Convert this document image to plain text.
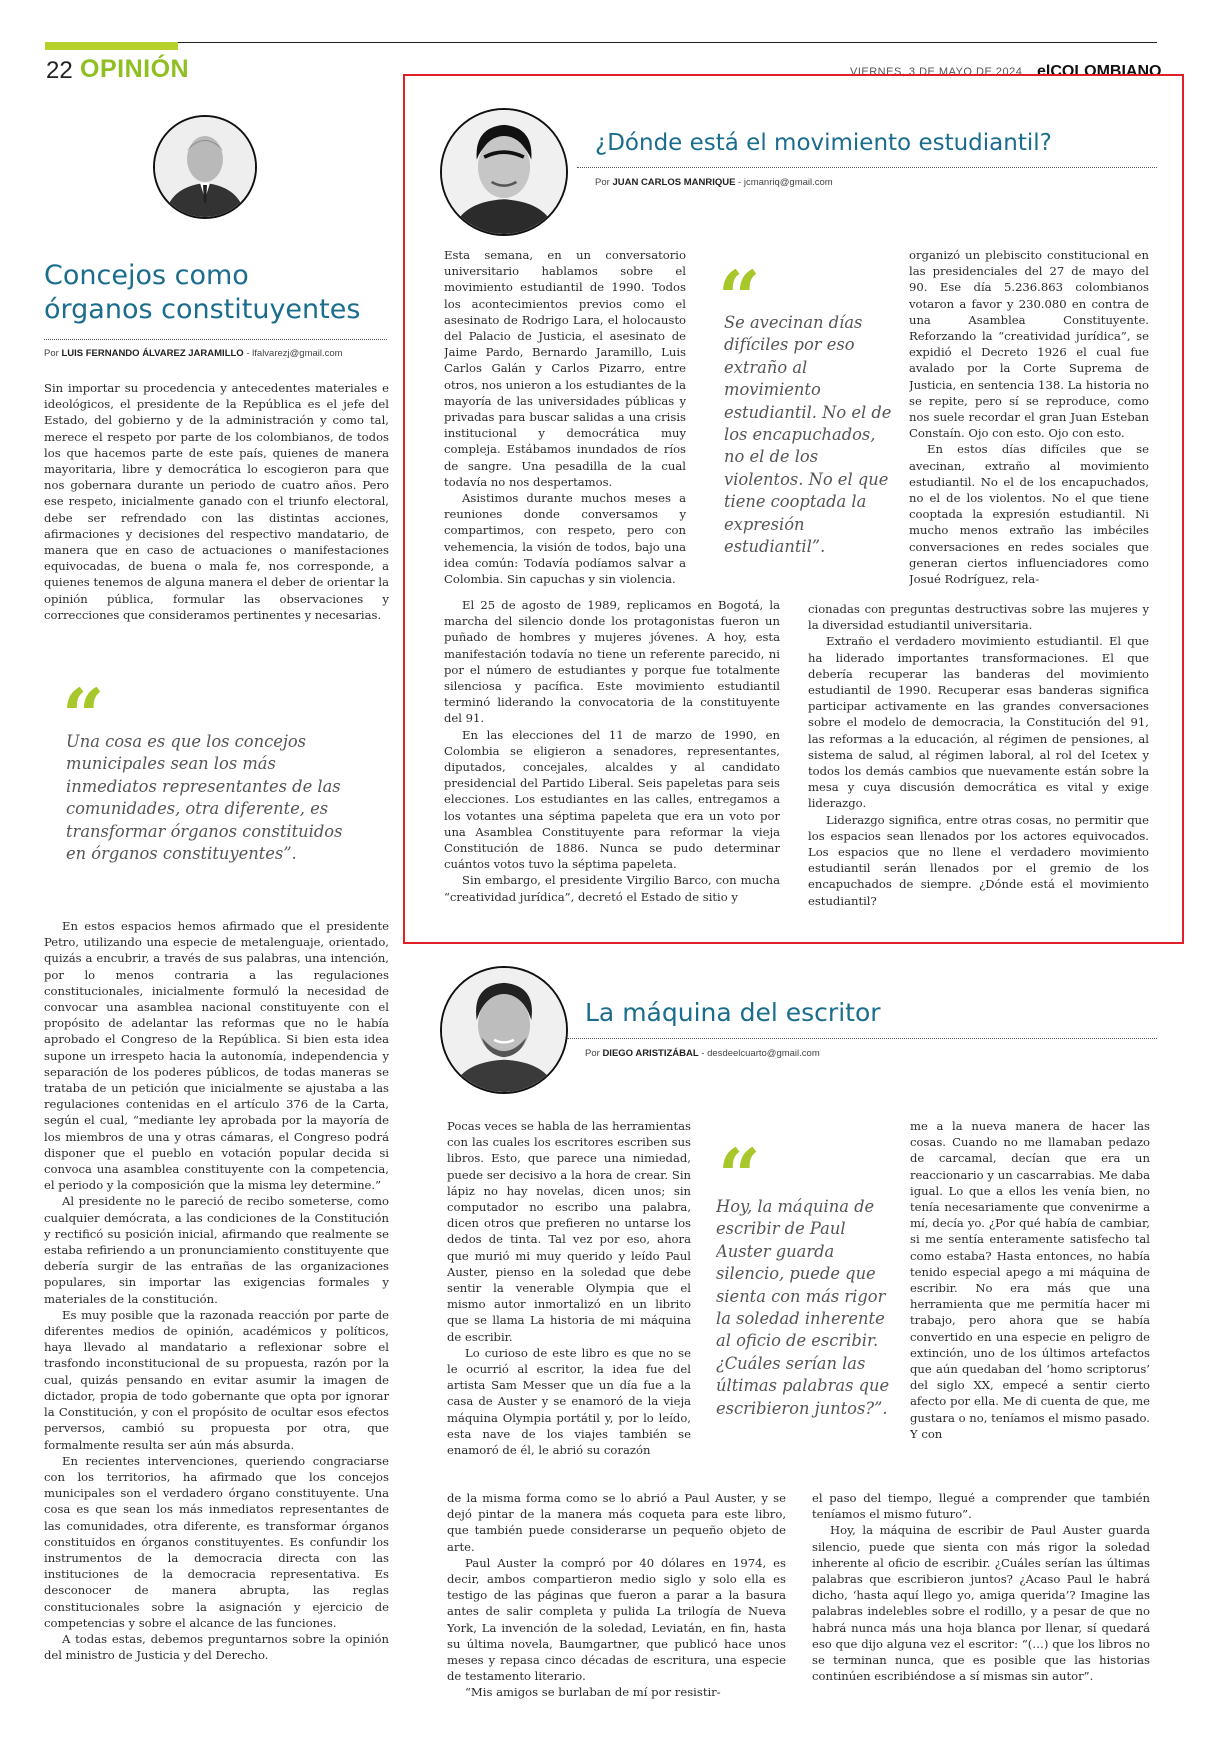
22 OPINIÓN	VIERNES, 3 DE MAYO DE 2024 elCOLOMBIANO
Concejos como órganos constituyentes
Por LUIS FERNANDO ÁLVAREZ JARAMILLO - lfalvarezj@gmail.com

Sin importar su procedencia y antecedentes materiales e ideológicos, el presidente de la República es el jefe del Estado, del gobierno y de la administración y como tal, merece el respeto por parte de los colombianos, de todos los que hacemos parte de este país, quienes de manera mayoritaria, libre y democrática lo escogieron para que nos gobernara durante un periodo de cuatro años. Pero ese respeto, inicialmente ganado con el triunfo electoral, debe ser refrendado con las distintas acciones, afirmaciones y decisiones del respectivo mandatario, de manera que en caso de actuaciones o manifestaciones equivocadas, de buena o mala fe, nos corresponde, a quienes tenemos de alguna manera el deber de orientar la opinión pública, formular las observaciones y correcciones que consideramos pertinentes y necesarias.

“
Una cosa es que los concejos municipales sean los más inmediatos representantes de las comunidades, otra diferente, es transformar órganos constituidos en órganos constituyentes”.

En estos espacios hemos afirmado que el presidente Petro, utilizando una especie de metalenguaje, orientado, quizás a encubrir, a través de sus palabras, una intención, por lo menos contraria a las regulaciones constitucionales, inicialmente formuló la necesidad de convocar una asamblea nacional constituyente con el propósito de adelantar las reformas que no le había aprobado el Congreso de la República. Si bien esta idea supone un irrespeto hacia la autonomía, independencia y separación de los poderes públicos, de todas maneras se trataba de un petición que inicialmente se ajustaba a las regulaciones contenidas en el artículo 376 de la Carta, según el cual, “mediante ley aprobada por la mayoría de los miembros de una y otras cámaras, el Congreso podrá disponer que el pueblo en votación popular decida si convoca una asamblea constituyente con la competencia, el periodo y la composición que la misma ley determine.”

Al presidente no le pareció de recibo someterse, como cualquier demócrata, a las condiciones de la Constitución y rectificó su posición inicial, afirmando que realmente se estaba refiriendo a un pronunciamiento constituyente que debería surgir de las entrañas de las organizaciones populares, sin importar las exigencias formales y materiales de la constitución.

Es muy posible que la razonada reacción por parte de diferentes medios de opinión, académicos y políticos, haya llevado al mandatario a reflexionar sobre el trasfondo inconstitucional de su propuesta, razón por la cual, quizás pensando en evitar asumir la imagen de dictador, propia de todo gobernante que opta por ignorar la Constitución, y con el propósito de ocultar esos efectos perversos, cambió su propuesta por otra, que formalmente resulta ser aún más absurda.

En recientes intervenciones, queriendo congraciarse con los territorios, ha afirmado que los concejos municipales son el verdadero órgano constituyente. Una cosa es que sean los más inmediatos representantes de las comunidades, otra diferente, es transformar órganos constituidos en órganos constituyentes. Es confundir los instrumentos de la democracia directa con las instituciones de la democracia representativa. Es desconocer de manera abrupta, las reglas constitucionales sobre la asignación y ejercicio de competencias y sobre el alcance de las funciones.

A todas estas, debemos preguntarnos sobre la opinión del ministro de Justicia y del Derecho.

¿Dónde está el movimiento estudiantil?
Por JUAN CARLOS MANRIQUE - jcmanriq@gmail.com

Esta semana, en un conversatorio universitario hablamos sobre el movimiento estudiantil de 1990. Todos los acontecimientos previos como el asesinato de Rodrigo Lara, el holocausto del Palacio de Justicia, el asesinato de Jaime Pardo, Bernardo Jaramillo, Luis Carlos Galán y Carlos Pizarro, entre otros, nos unieron a los estudiantes de la mayoría de las universidades públicas y privadas para buscar salidas a una crisis institucional y democrática muy compleja. Estábamos inundados de ríos de sangre. Una pesadilla de la cual todavía no nos despertamos.

Asistimos durante muchos meses a reuniones donde conversamos y compartimos, con respeto, pero con vehemencia, la visión de todos, bajo una idea común: Todavía podíamos salvar a Colombia. Sin capuchas y sin violencia.

El 25 de agosto de 1989, replicamos en Bogotá, la marcha del silencio donde los protagonistas fueron un puñado de hombres y mujeres jóvenes. A hoy, esta manifestación todavía no tiene un referente parecido, ni por el número de estudiantes y porque fue totalmente silenciosa y pacífica. Este movimiento estudiantil terminó liderando la convocatoria de la constituyente del 91.

En las elecciones del 11 de marzo de 1990, en Colombia se eligieron a senadores, representantes, diputados, concejales, alcaldes y al candidato presidencial del Partido Liberal. Seis papeletas para seis elecciones. Los estudiantes en las calles, entregamos a los votantes una séptima papeleta que era un voto por una Asamblea Constituyente para reformar la vieja Constitución de 1886. Nunca se pudo determinar cuántos votos tuvo la séptima papeleta.

Sin embargo, el presidente Virgilio Barco, con mucha “creatividad jurídica”, decretó el Estado de sitio y

“
Se avecinan días difíciles por eso extraño al movimiento estudiantil. No el de los encapuchados, no el de los violentos. No el que tiene cooptada la expresión estudiantil”.

organizó un plebiscito constitucional en las presidenciales del 27 de mayo del 90. Ese día 5.236.863 colombianos votaron a favor y 230.080 en contra de una Asamblea Constituyente. Reforzando la “creatividad jurídica”, se expidió el Decreto 1926 el cual fue avalado por la Corte Suprema de Justicia, en sentencia 138. La historia no se repite, pero sí se reproduce, como nos suele recordar el gran Juan Esteban Constaín. Ojo con esto. Ojo con esto.

En estos días difíciles que se avecinan, extraño al movimiento estudiantil. No el de los encapuchados, no el de los violentos. No el que tiene cooptada la expresión estudiantil. Ni mucho menos extraño las imbéciles conversaciones en redes sociales que generan ciertos influenciadores como Josué Rodríguez, rela-

cionadas con preguntas destructivas sobre las mujeres y la diversidad estudiantil universitaria.

Extraño el verdadero movimiento estudiantil. El que ha liderado importantes transformaciones. El que debería recuperar las banderas del movimiento estudiantil de 1990. Recuperar esas banderas significa participar activamente en las grandes conversaciones sobre el modelo de democracia, la Constitución del 91, las reformas a la educación, al régimen de pensiones, al sistema de salud, al régimen laboral, al rol del Icetex y todos los demás cambios que nuevamente están sobre la mesa y cuya discusión democrática es vital y exige liderazgo.

Liderazgo significa, entre otras cosas, no permitir que los espacios sean llenados por los actores equivocados. Los espacios que no llene el verdadero movimiento estudiantil serán llenados por el gremio de los encapuchados de siempre. ¿Dónde está el movimiento estudiantil?

La máquina del escritor
Por DIEGO ARISTIZÁBAL - desdeelcuarto@gmail.com

Pocas veces se habla de las herramientas con las cuales los escritores escriben sus libros. Esto, que parece una nimiedad, puede ser decisivo a la hora de crear. Sin lápiz no hay novelas, dicen unos; sin computador no escribo una palabra, dicen otros que prefieren no untarse los dedos de tinta. Tal vez por eso, ahora que murió mi muy querido y leído Paul Auster, pienso en la soledad que debe sentir la venerable Olympia que el mismo autor inmortalizó en un librito que se llama La historia de mi máquina de escribir.

Lo curioso de este libro es que no se le ocurrió al escritor, la idea fue del artista Sam Messer que un día fue a la casa de Auster y se enamoró de la vieja máquina Olympia portátil y, por lo leído, esta nave de los viajes también se enamoró de él, le abrió su corazón

de la misma forma como se lo abrió a Paul Auster, y se dejó pintar de la manera más coqueta para este libro, que también puede considerarse un pequeño objeto de arte.

Paul Auster la compró por 40 dólares en 1974, es decir, ambos compartieron medio siglo y solo ella es testigo de las páginas que fueron a parar a la basura antes de salir completa y pulida La trilogía de Nueva York, La invención de la soledad, Leviatán, en fin, hasta su última novela, Baumgartner, que publicó hace unos meses y repasa cinco décadas de escritura, una especie de testamento literario.

“Mis amigos se burlaban de mí por resistir-

“
Hoy, la máquina de escribir de Paul Auster guarda silencio, puede que sienta con más rigor la soledad inherente al oficio de escribir. ¿Cuáles serían las últimas palabras que escribieron juntos?”.

me a la nueva manera de hacer las cosas. Cuando no me llamaban pedazo de carcamal, decían que era un reaccionario y un cascarrabias. Me daba igual. Lo que a ellos les venía bien, no tenía necesariamente que convenirme a mí, decía yo. ¿Por qué había de cambiar, si me sentía enteramente satisfecho tal como estaba? Hasta entonces, no había tenido especial apego a mi máquina de escribir. No era más que una herramienta que me permitía hacer mi trabajo, pero ahora que se había convertido en una especie en peligro de extinción, uno de los últimos artefactos que aún quedaban del ‘homo scriptorus’ del siglo XX, empecé a sentir cierto afecto por ella. Me di cuenta de que, me gustara o no, teníamos el mismo pasado. Y con

el paso del tiempo, llegué a comprender que también teníamos el mismo futuro”.

Hoy, la máquina de escribir de Paul Auster guarda silencio, puede que sienta con más rigor la soledad inherente al oficio de escribir. ¿Cuáles serían las últimas palabras que escribieron juntos? ¿Acaso Paul le habrá dicho, ‘hasta aquí llego yo, amiga querida’? Imagine las palabras indelebles sobre el rodillo, y a pesar de que no habrá nunca más una hoja blanca por llenar, sí quedará eso que dijo alguna vez el escritor: “(…) que los libros no se terminan nunca, que es posible que las historias continúen escribiéndose a sí mismas sin autor”.
